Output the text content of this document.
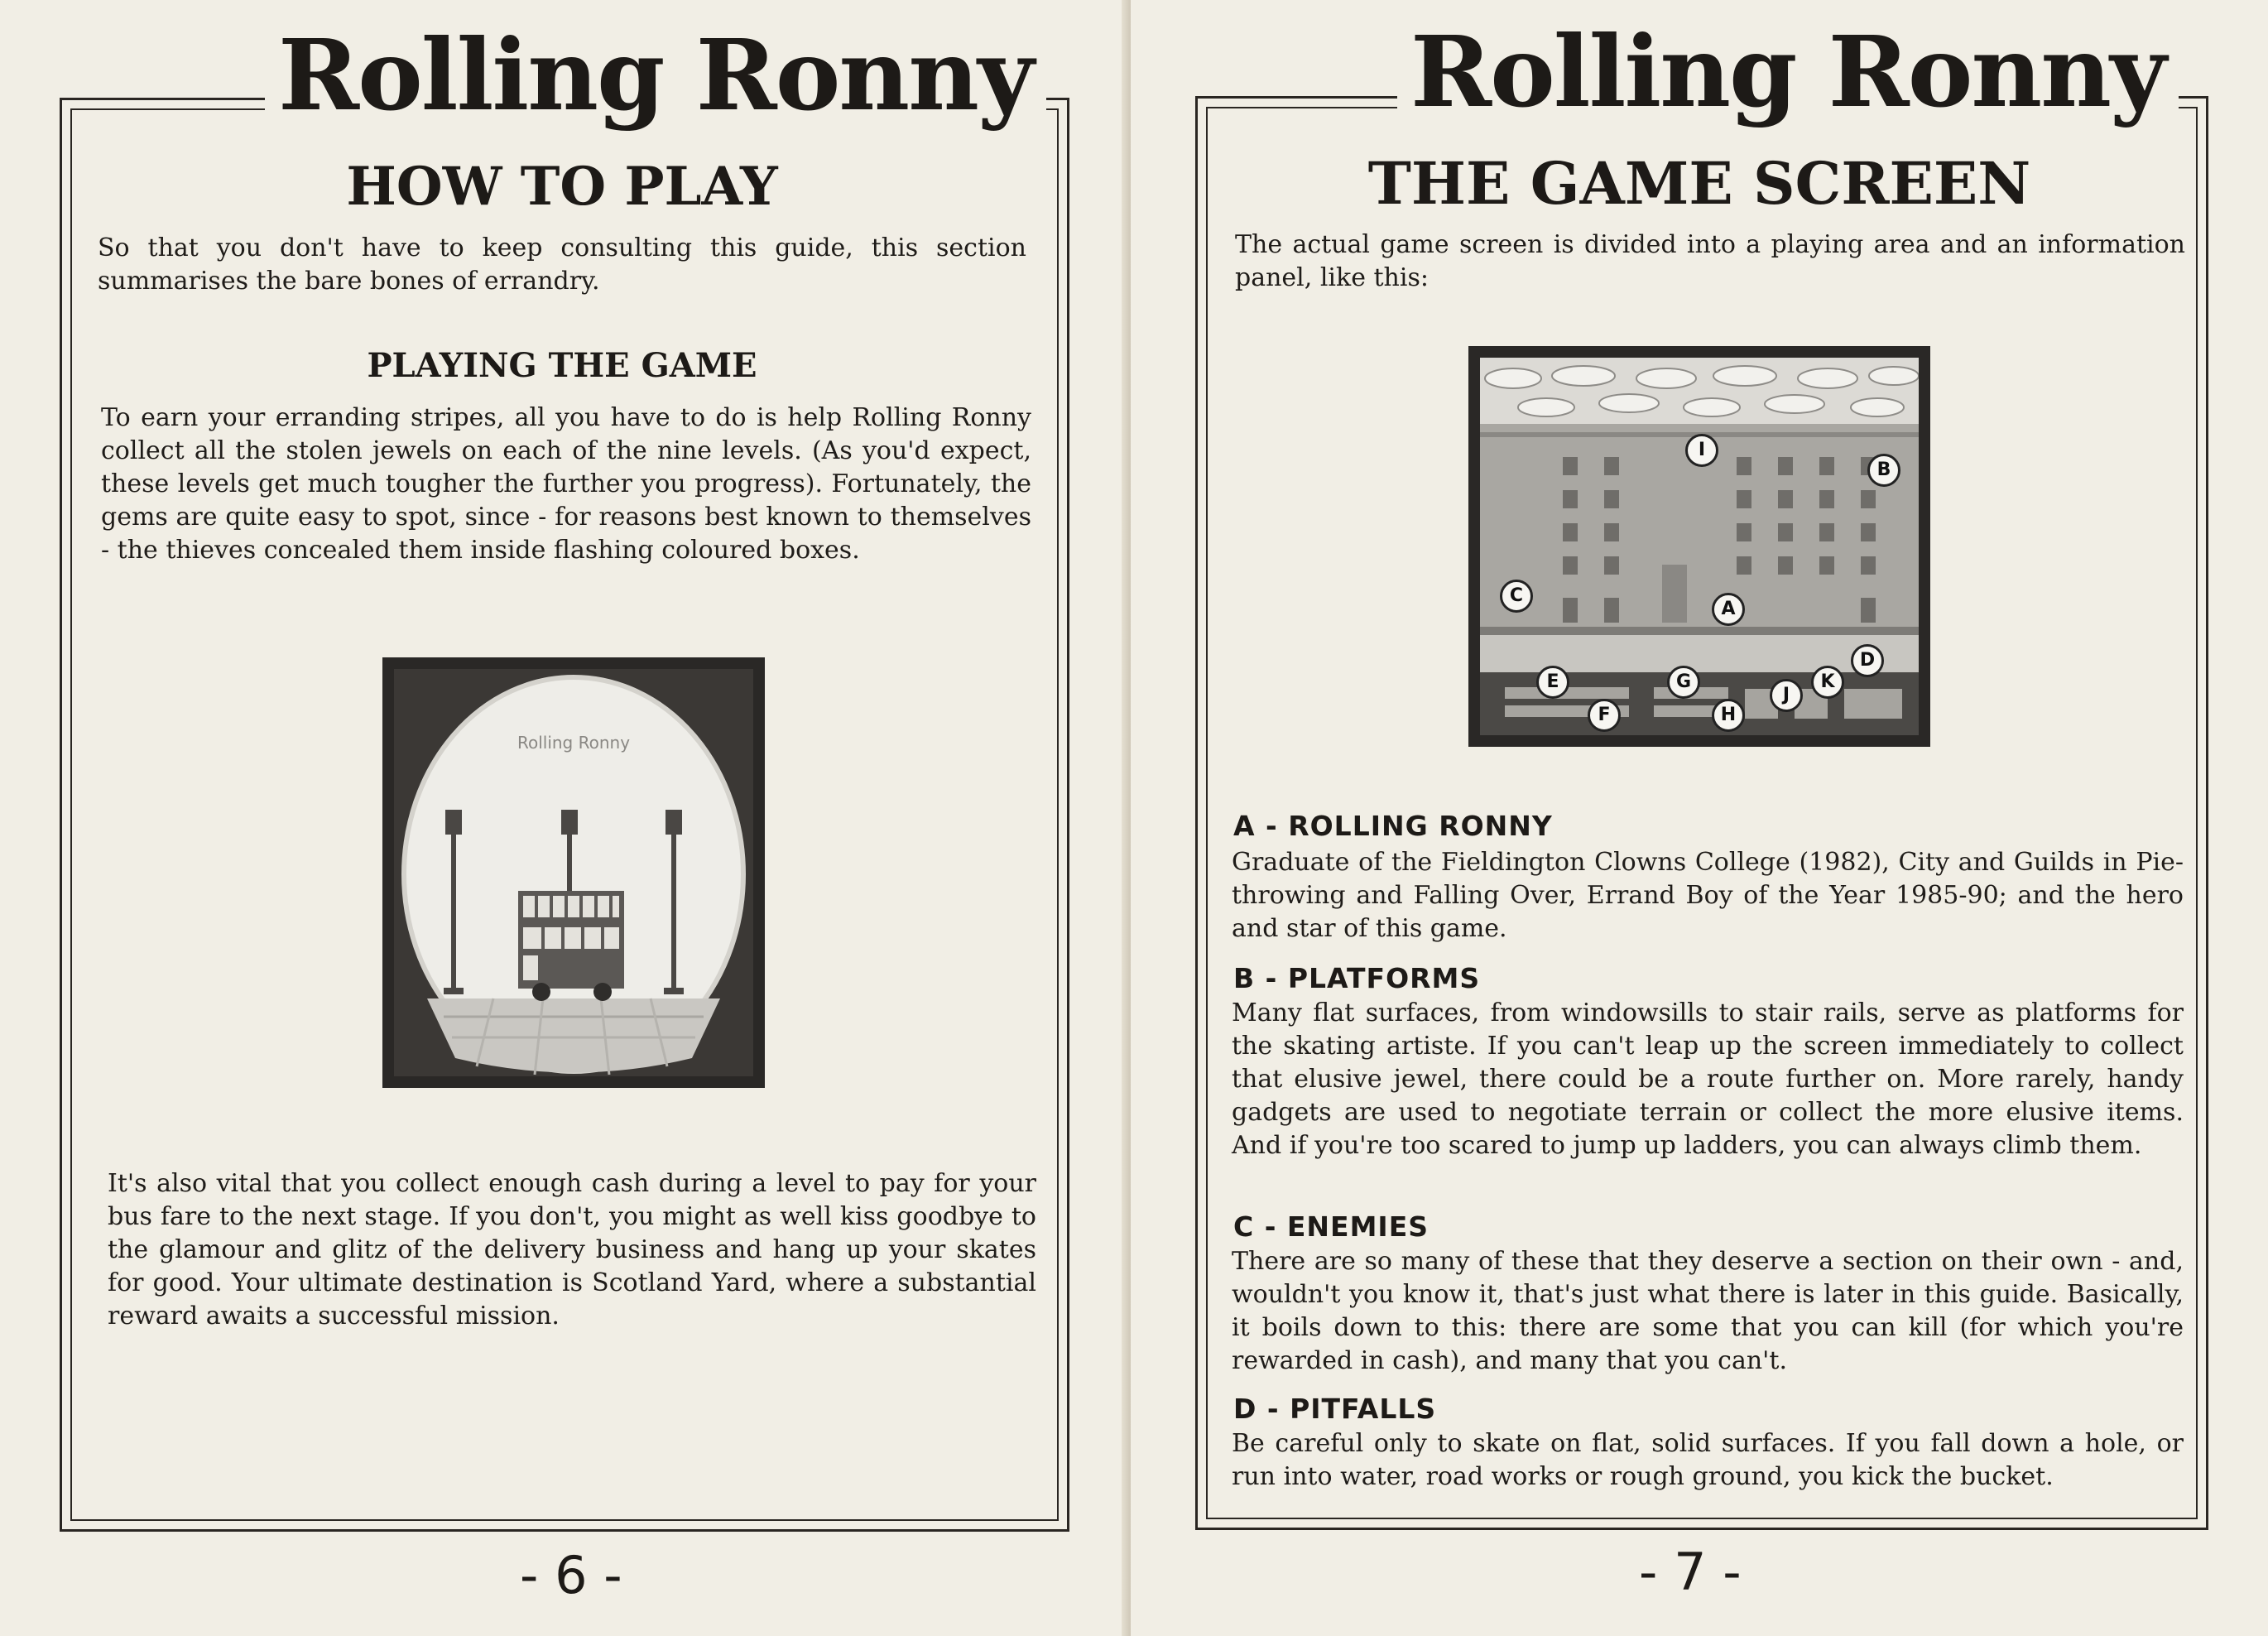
Rolling Ronny
HOW TO PLAY

So that you don't have to keep consulting this guide, this section summarises the bare bones of errandry.

PLAYING THE GAME

To earn your erranding stripes, all you have to do is help Rolling Ronny collect all the stolen jewels on each of the nine levels. (As you'd expect, these levels get much tougher the further you progress). Fortunately, the gems are quite easy to spot, since - for reasons best known to themselves - the thieves concealed them inside flashing coloured boxes.

Rolling Ronny

It's also vital that you collect enough cash during a level to pay for your bus fare to the next stage. If you don't, you might as well kiss goodbye to the glamour and glitz of the delivery business and hang up your skates for good. Your ultimate destination is Scotland Yard, where a substantial reward awaits a successful mission.

- 6 -
Rolling Ronny
THE GAME SCREEN

The actual game screen is divided into a playing area and an information panel, like this:

A
B
C
D
E
F
G
H
I
J
K
A - ROLLING RONNY

Graduate of the Fieldington Clowns College (1982), City and Guilds in Pie-throwing and Falling Over, Errand Boy of the Year 1985-90; and the hero and star of this game.

B - PLATFORMS

Many flat surfaces, from windowsills to stair rails, serve as platforms for the skating artiste. If you can't leap up the screen immediately to collect that elusive jewel, there could be a route further on. More rarely, handy gadgets are used to negotiate terrain or collect the more elusive items. And if you're too scared to jump up ladders, you can always climb them.

C - ENEMIES

There are so many of these that they deserve a section on their own - and, wouldn't you know it, that's just what there is later in this guide. Basically, it boils down to this: there are some that you can kill (for which you're rewarded in cash), and many that you can't.

D - PITFALLS

Be careful only to skate on flat, solid surfaces. If you fall down a hole, or run into water, road works or rough ground, you kick the bucket.

- 7 -
